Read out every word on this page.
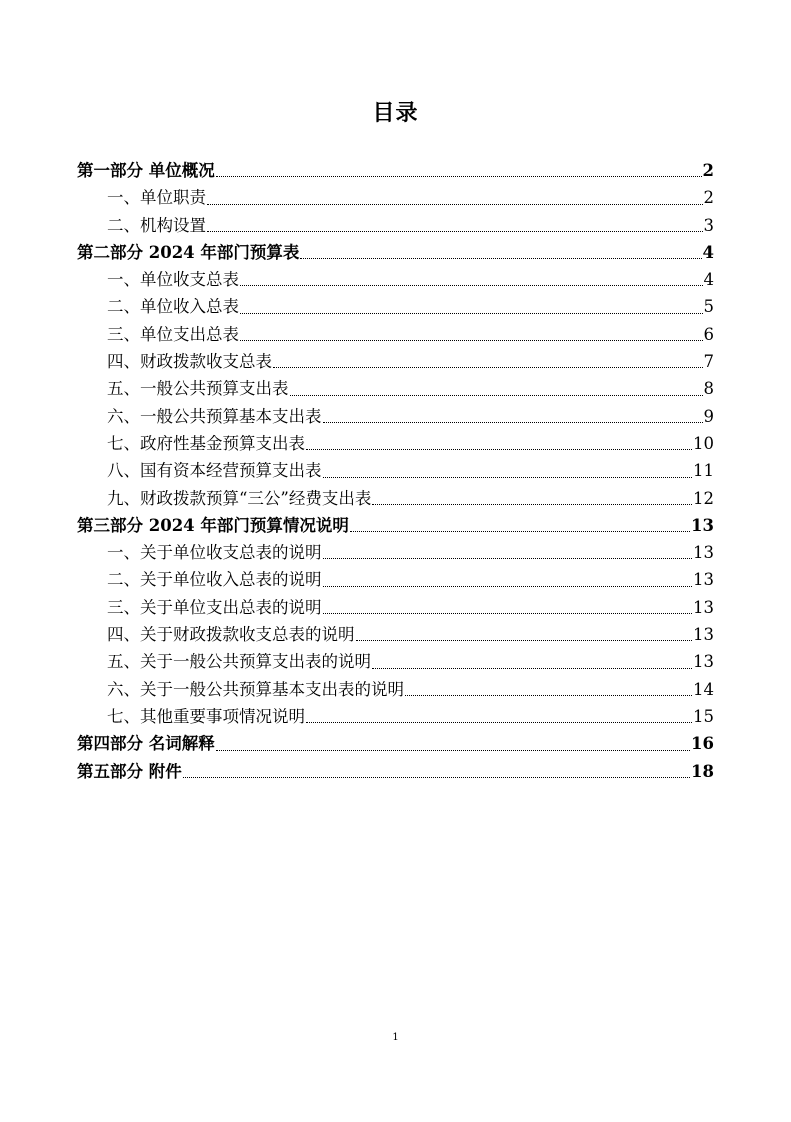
目录
第一部分 单位概况	2
一、单位职责	2
二、机构设置	3
第二部分 2024 年部门预算表	4
一、单位收支总表	4
二、单位收入总表	5
三、单位支出总表	6
四、财政拨款收支总表	7
五、一般公共预算支出表	8
六、一般公共预算基本支出表	9
七、政府性基金预算支出表	10
八、国有资本经营预算支出表	11
九、财政拨款预算“三公”经费支出表	12
第三部分 2024 年部门预算情况说明	13
一、关于单位收支总表的说明	13
二、关于单位收入总表的说明	13
三、关于单位支出总表的说明	13
四、关于财政拨款收支总表的说明	13
五、关于一般公共预算支出表的说明	13
六、关于一般公共预算基本支出表的说明	14
七、其他重要事项情况说明	15
第四部分 名词解释	16
第五部分 附件	18
1
